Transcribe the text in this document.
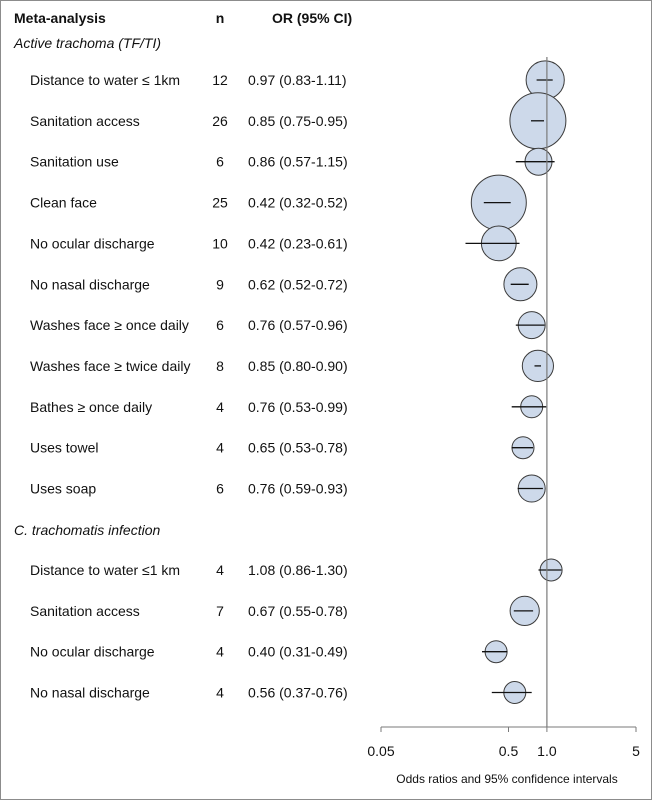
Meta-analysis	n	OR (95% CI)
Active trachoma (TF/TI)
Distance to water ≤ 1km 12 0.97 (0.83-1.11)
Sanitation access	26 0.85 (0.75-0.95)
Sanitation use	6 0.86 (0.57-1.15)
Clean face	25 0.42 (0.32-0.52)
No ocular discharge	10 0.42 (0.23-0.61)
No nasal discharge	9 0.62 (0.52-0.72)
Washes face ≥ once daily 6 0.76 (0.57-0.96)
Washes face ≥ twice daily 8 0.85 (0.80-0.90)
Bathes ≥ once daily	4 0.76 (0.53-0.99)
Uses towel	4 0.65 (0.53-0.78)
Uses soap	6 0.76 (0.59-0.93)
C. trachomatis infection
Distance to water ≤1 km	4 1.08 (0.86-1.30)
Sanitation access	7 0.67 (0.55-0.78)
No ocular discharge	4 0.40 (0.31-0.49)
No nasal discharge	4 0.56 (0.37-0.76)
0.05	0.5 1.0	5
Odds ratios and 95% confidence intervals
